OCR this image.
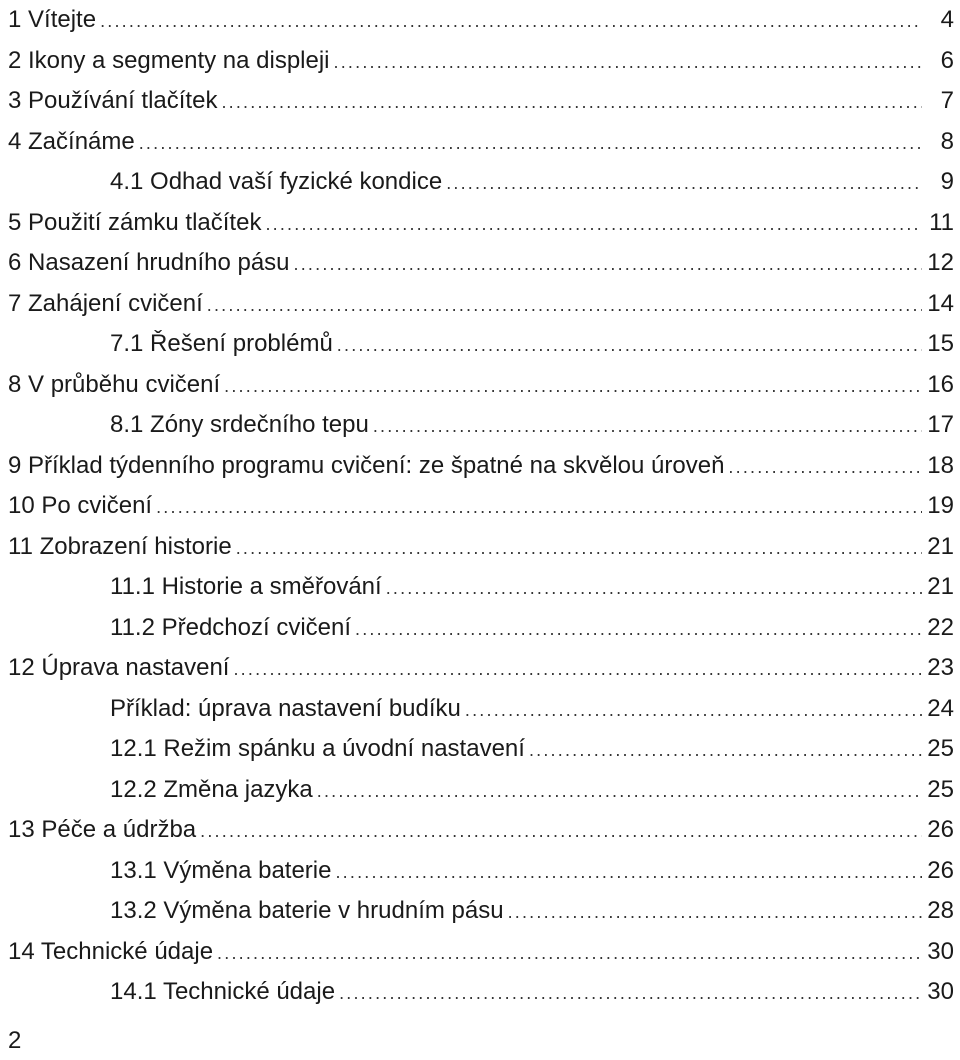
1 Vítejte .....	4
2 Ikony a segmenty na displeji .....	6
3 Používání tlačítek .....	7
4 Začínáme .....	8
4.1 Odhad vaší fyzické kondice .....	9
5 Použití zámku tlačítek .....	11
6 Nasazení hrudního pásu .....	12
7 Zahájení cvičení .....	14
7.1 Řešení problémů .....	15
8 V průběhu cvičení .....	16
8.1 Zóny srdečního tepu .....	17
9 Příklad týdenního programu cvičení: ze špatné na skvělou úroveň .....	18
10 Po cvičení .....	19
11 Zobrazení historie .....	21
11.1 Historie a směřování .....	21
11.2 Předchozí cvičení .....	22
12 Úprava nastavení .....	23
Příklad: úprava nastavení budíku .....	24
12.1 Režim spánku a úvodní nastavení .....	25
12.2 Změna jazyka .....	25
13 Péče a údržba .....	26
13.1 Výměna baterie .....	26
13.2 Výměna baterie v hrudním pásu .....	28
14 Technické údaje .....	30
14.1 Technické údaje .....	30
2
